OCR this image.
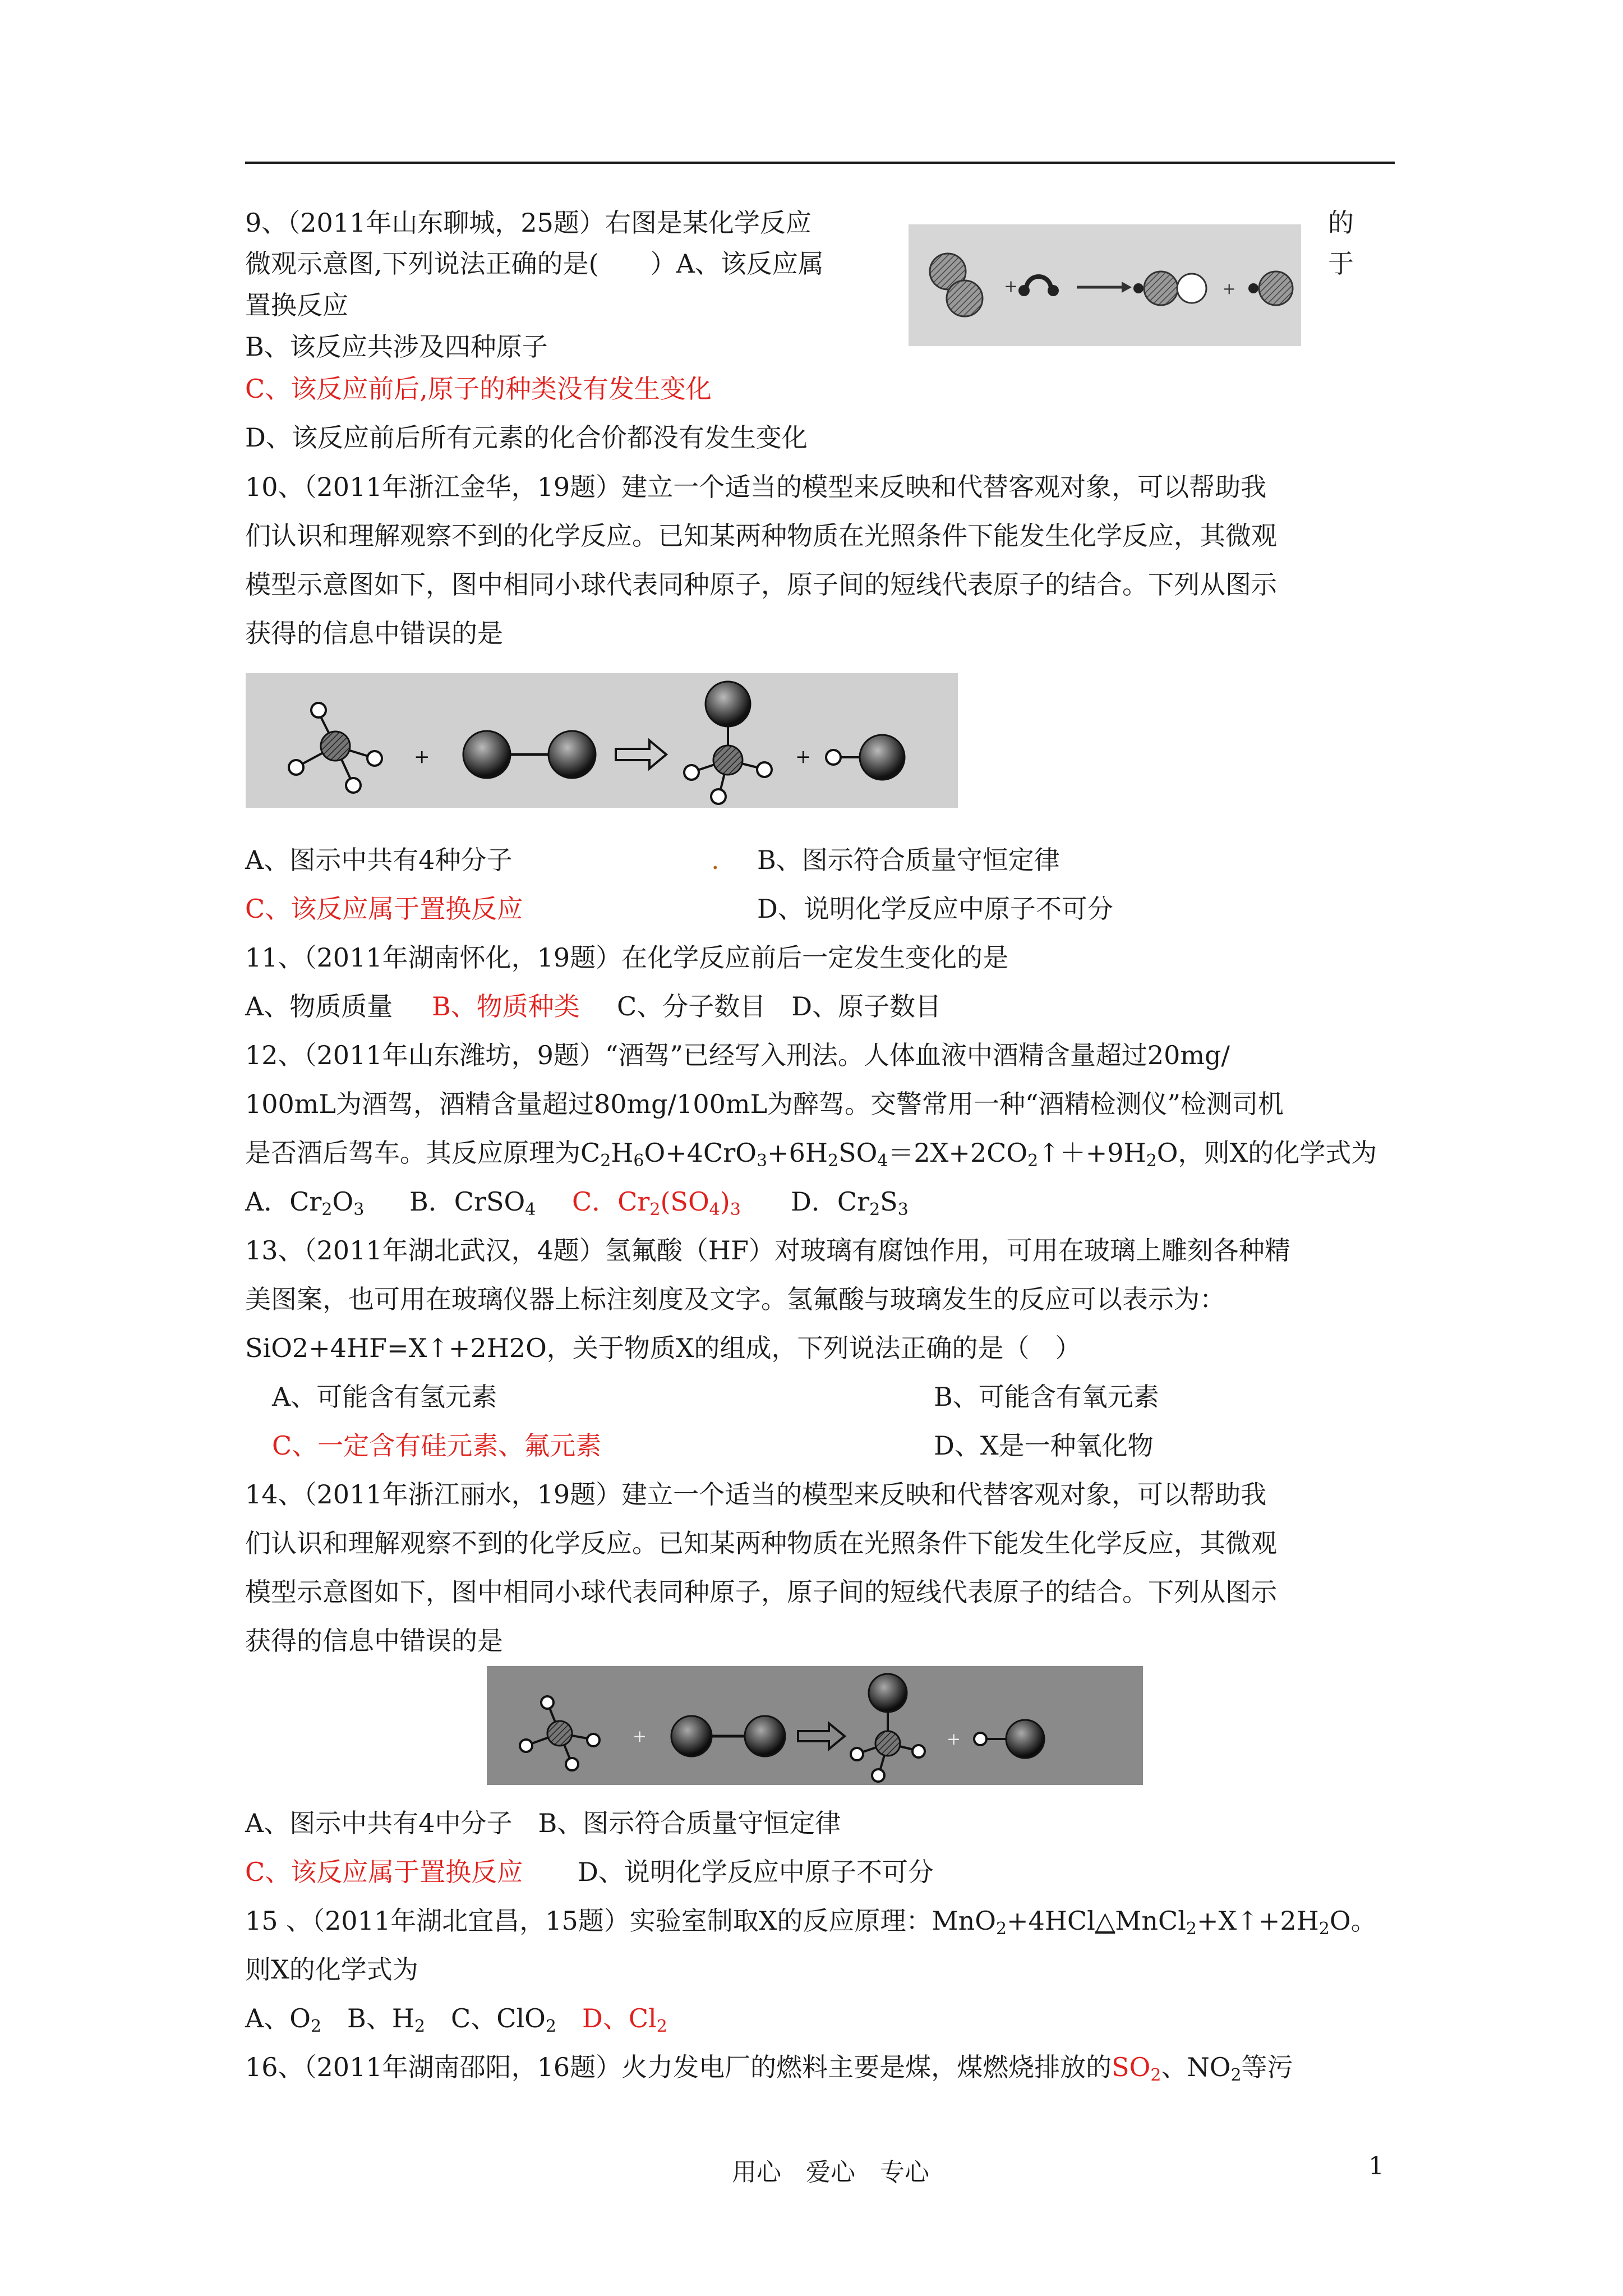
9、（2011年山东聊城，25题）右图是某化学反应	的
微观示意图,下列说法正确的是(　　）A、该反应属	于
置换反应
B、该反应共涉及四种原子
C、该反应前后,原子的种类没有发生变化
D、该反应前后所有元素的化合价都没有发生变化
+	+
10、（2011年浙江金华，19题）建立一个适当的模型来反映和代替客观对象，可以帮助我
们认识和理解观察不到的化学反应。已知某两种物质在光照条件下能发生化学反应，其微观
模型示意图如下，图中相同小球代表同种原子，原子间的短线代表原子的结合。下列从图示
获得的信息中错误的是
+	+
A、图示中共有4种分子	. B、图示符合质量守恒定律
C、该反应属于置换反应	D、说明化学反应中原子不可分
11、（2011年湖南怀化，19题）在化学反应前后一定发生变化的是
A、物质质量 B、物质种类 C、分子数目　D、原子数目
12、（2011年山东潍坊，9题）“酒驾”已经写入刑法。人体血液中酒精含量超过20mg/
100mL为酒驾，酒精含量超过80mg/100mL为醉驾。交警常用一种“酒精检测仪”检测司机
是否酒后驾车。其反应原理为$C_2H_6O+4CrO_3+6H_2SO_4=2X+2CO_2↑++9H_2O$，则X的化学式为
A．$Cr_2O_3$ B．CrSO$_4$ C．$Cr_2(SO_4)_3$ D．$Cr_2S_3$
13、（2011年湖北武汉，4题）氢氟酸（HF）对玻璃有腐蚀作用，可用在玻璃上雕刻各种精
美图案，也可用在玻璃仪器上标注刻度及文字。氢氟酸与玻璃发生的反应可以表示为：
SiO2+4HF=X↑+2H2O，关于物质X的组成，下列说法正确的是（　）
A、可能含有氢元素	B、可能含有氧元素
C、一定含有硅元素、氟元素	D、X是一种氧化物
14、（2011年浙江丽水，19题）建立一个适当的模型来反映和代替客观对象，可以帮助我
们认识和理解观察不到的化学反应。已知某两种物质在光照条件下能发生化学反应，其微观
模型示意图如下，图中相同小球代表同种原子，原子间的短线代表原子的结合。下列从图示
获得的信息中错误的是
+	+
A、图示中共有4中分子　B、图示符合质量守恒定律
C、该反应属于置换反应 D、说明化学反应中原子不可分
15 、（2011年湖北宜昌，15题）实验室制取X的反应原理：$MnO_2+4HCl\triangle MnCl_2+X↑+2H_2O$。
则X的化学式为
A、$O_2$　 B、$H_2$　 C、ClO$_2$　 D、$Cl_2$
16、（2011年湖南邵阳，16题）火力发电厂的燃料主要是煤，煤燃烧排放的$SO_2$、$NO_2$等污
用心　爱心　专心	1
